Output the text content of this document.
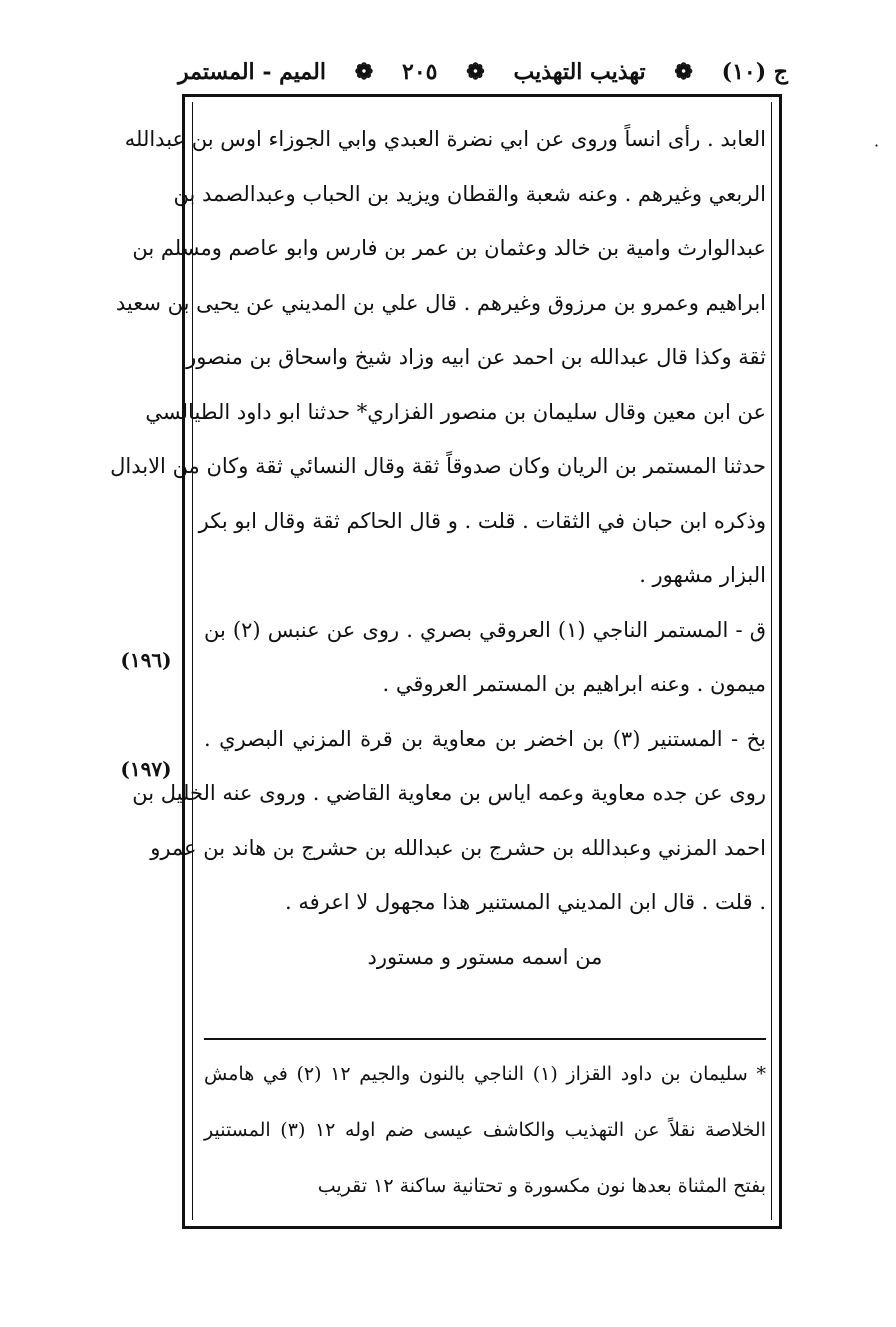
ج (١٠)
❁
تهذيب التهذيب
❁
٢٠٥
❁
الميم - المستمر
·
العابد . رأى انساً وروى عن ابي نضرة العبدي وابي الجوزاء اوس بن عبدالله
الربعي وغيرهم . وعنه شعبة والقطان ويزيد بن الحباب وعبدالصمد بن
عبدالوارث وامية بن خالد وعثمان بن عمر بن فارس وابو عاصم ومسلم بن
ابراهيم وعمرو بن مرزوق وغيرهم . قال علي بن المديني عن يحيى بن سعيد
ثقة وكذا قال عبدالله بن احمد عن ابيه وزاد شيخ واسحاق بن منصور
عن ابن معين وقال سليمان بن منصور الفزاري* حدثنا ابو داود الطيالسي
حدثنا المستمر بن الريان وكان صدوقاً ثقة وقال النسائي ثقة وكان من الابدال
وذكره ابن حبان في الثقات . قلت . و قال الحاكم ثقة وقال ابو بكر
البزار مشهور .
ق - المستمر الناجي (١) العروقي بصري . روى عن عنبس (٢) بن
ميمون . وعنه ابراهيم بن المستمر العروقي .
بخ - المستنير (٣) بن اخضر بن معاوية بن قرة المزني البصري .
روى عن جده معاوية وعمه اياس بن معاوية القاضي . وروى عنه الخليل بن
احمد المزني وعبدالله بن حشرج بن عبدالله بن حشرج بن هاند بن عمرو
. قلت . قال ابن المديني المستنير هذا مجهول لا اعرفه .
من اسمه مستور و مستورد
(١٩٦)
(١٩٧)
* سليمان بن داود القزاز (١) الناجي بالنون والجيم ١٢ (٢) في هامش
الخلاصة نقلاً عن التهذيب والكاشف عيسى ضم اوله ١٢ (٣) المستنير
بفتح المثناة بعدها نون مكسورة و تحتانية ساكنة ١٢ تقريب
